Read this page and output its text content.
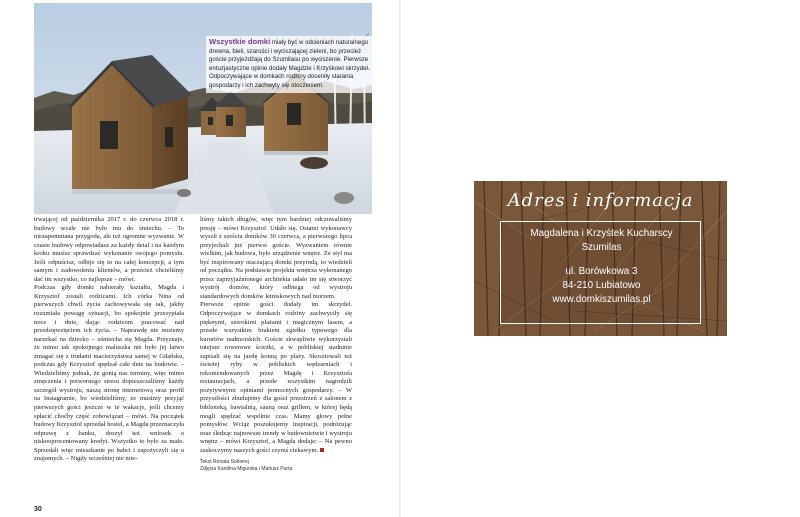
Wszystkie domki miały być w odcieniach naturalnego drewna, bieli, szarości i wyciszającej zieleni, bo przecież goście przyjeżdżają do Szumilasu po wyciszenie. Pierwsze entuzjastyczne opinie dodały Magdzie i Krzyśkowi skrzydeł. Odpoczywające w domkach rodziny doceniły starania gospodarzy i ich zachwyty się otoczeniem.

trwającej od października 2017 r. do czerwca 2018 r. budowy wcale nie było mu do śmiechu. – To niezapomniana przygoda, ale też ogromne wyzwanie. W czasie budowy odpowiadasz za każdy detal i na każdym kroku musisz sprawdzać wykonanie swojego pomysłu. Jeśli odpuścisz, odbije się to na całej koncepcji, a tym samym i zadowoleniu klientów, a przecież chcieliśmy dać im wszystko, co najlepsze – mówi.

Podczas gdy domki nabierały kształtu, Magda i Krzysztof zostali rodzicami. Ich córka Nina od pierwszych chwil życia zachowywała się tak, jakby rozumiała powagę sytuacji, bo spokojnie przesypiała noce i dnie, dając rodzicom pracować nad przedsięwzięciem ich życia. – Naprawdę nie możemy narzekać na dziecko – uśmiecha się Magda. Przyznaje, że mimo tak spokojnego maluszka nie było jej łatwo zmagać się z trudami macierzyństwa samej w Gdańsku, podczas gdy Krzysztof spędzał całe dnie na budowie. – Wiedzieliśmy jednak, że gonią nas terminy, więc mimo zmęczenia i potwornego stresu dopieszczaliśmy każdy szczegół wystroju, naszą stronę internetową oraz profil na Instagramie, bo wiedzieliśmy, że musimy przyjąć pierwszych gości jeszcze w te wakacje, jeśli chcemy spłacić choćby część zobowiązań – mówi. Na początek budowy Krzysztof sprzedał hostel, a Magda przeznaczyła odprawę z banku, doszył też wniosek o niskooprocentowany kredyt. Wszystko to było za mało. Sprzedali więc mieszkanie po babci i zapożyczyli się u znajomych. – Nigdy wcześniej nie mie-

liśmy takich długów, więc tym bardziej odczuwaliśmy presję – mówi Krzysztof. Udało się. Ostatni wykonawcy wyszli z sześciu domków 30 czerwca, a pierwszego lipca przyjechali już pierwsi goście. Wyzwaniem równie wielkim, jak budowa, było urządzenie wnętrz. Ze styl ma być inspirowany otaczającą domki przyrodą, to wiedzieli od początku. Na podstawie projektu wnętrza wykonanego przez zaprzyjaźnionego architekta udało im się stworzyć wystrój domów, który odbiega od wystroju standardowych domków letniskowych nad morzem.

Pierwsze opinie gości dodały im skrzydeł. Odpoczywające w domkach rodziny zachwyciły się pięknymi, szerokimi plażami i magicznym lasem, a przede wszystkim brakiem zgiełku typowego dla kurortów nadmorskich. Goście skwapliwie wykorzystali tutejsze rowerowe ścieżki, a w pobliskiej stadninie zapisali się na jazdę konną po plaży. Skosztowali też świeżej ryby w pobliskich wędzarniach i rekomendowanych przez Magdę i Krzysztofa restauracjach, a przede wszystkim nagrodzili pozytywnymi opiniami pomocnych gospodarzy. – W przyszłości zbudujemy dla gości przestrzeń z salonem z biblioteką, bawialnią, sauną oraz grillem, w której będą mogli spędzać wspólnie czas. Mamy głowy pełne pomysłów. Wciąż poszukujemy inspiracji, podróżując oraz śledząc najnowsze trendy w budownictwie i wystroju wnętrz – mówi Krzysztof, a Magda dodaje: – Na pewno zaskoczymy naszych gości czymś ciekawym.

Tekst Renata Sobierej
Zdjęcia Karolina Migurska i Mariusz Purta
30
Adres i informacja
Magdalena i Krzyśtek Kucharscy
Szumilas
ul. Borówkowa 3
84-210 Lubiatowo
www.domkiszumilas.pl
